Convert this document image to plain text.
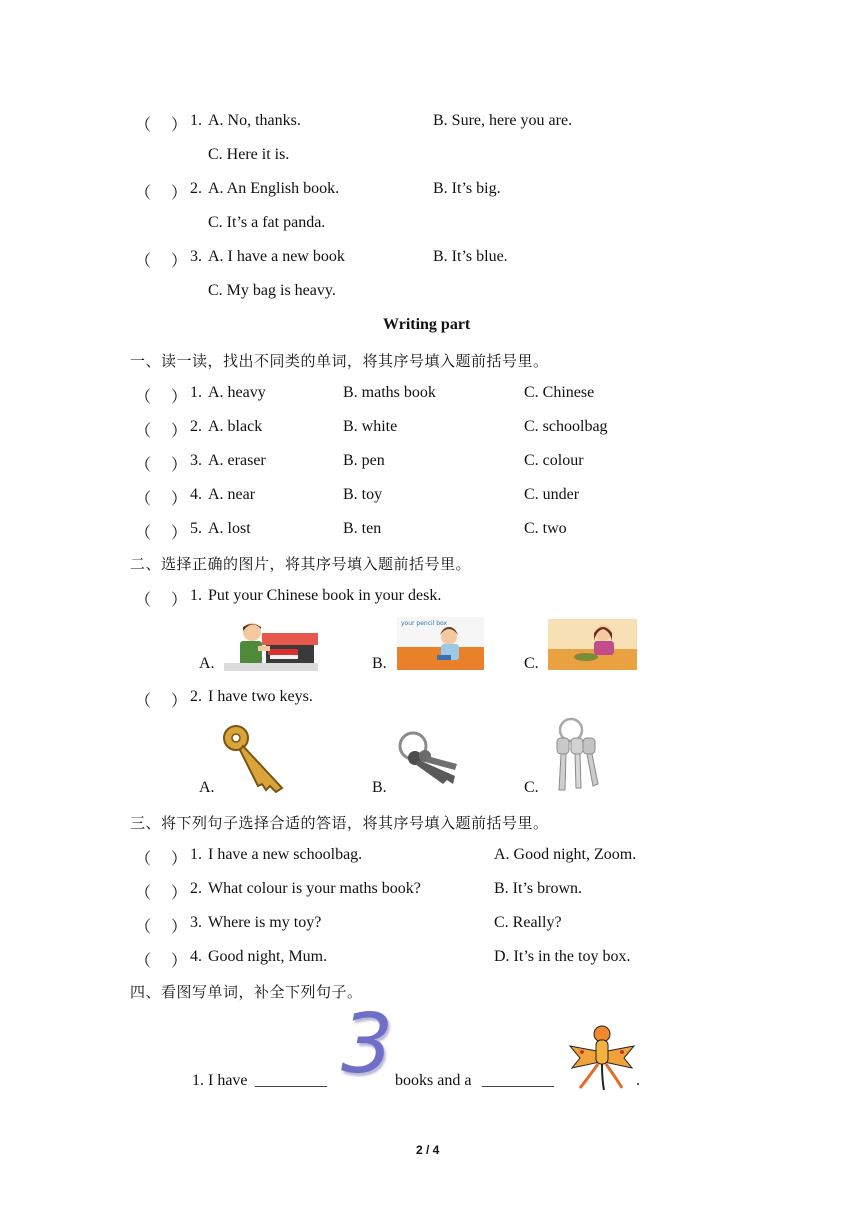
（     ） 1. A. No, thanks.	B. Sure, here you are.
C. Here it is.
（     ） 2. A. An English book.	B. It’s big.
C. It’s a fat panda.
（     ） 3. A. I have a new book	B. It’s blue.
C. My bag is heavy.
Writing part
一、读一读，找出不同类的单词，将其序号填入题前括号里。
（     ） 1. A. heavy	B. maths book	C. Chinese
（     ） 2. A. black	B. white	C. schoolbag
（     ） 3. A. eraser	B. pen	C. colour
（     ） 4. A. near	B. toy	C. under
（     ） 5. A. lost	B. ten	C. two
二、选择正确的图片，将其序号填入题前括号里。
（     ） 1. Put your Chinese book in your desk.
A.	B.
your pencil box
C.
（     ） 2. I have two keys.
A.	B.	C.
三、将下列句子选择合适的答语，将其序号填入题前括号里。
（     ） 1. I have a new schoolbag.	A. Good night, Zoom.
（     ） 2. What colour is your maths book?	B. It’s brown.
（     ） 3. Where is my toy?	C. Really?
（     ） 4. Good night, Mum.	D. It’s in the toy box.
四、看图写单词，补全下列句子。
1. I have _________ 3 books and a _________	.
2 / 4
